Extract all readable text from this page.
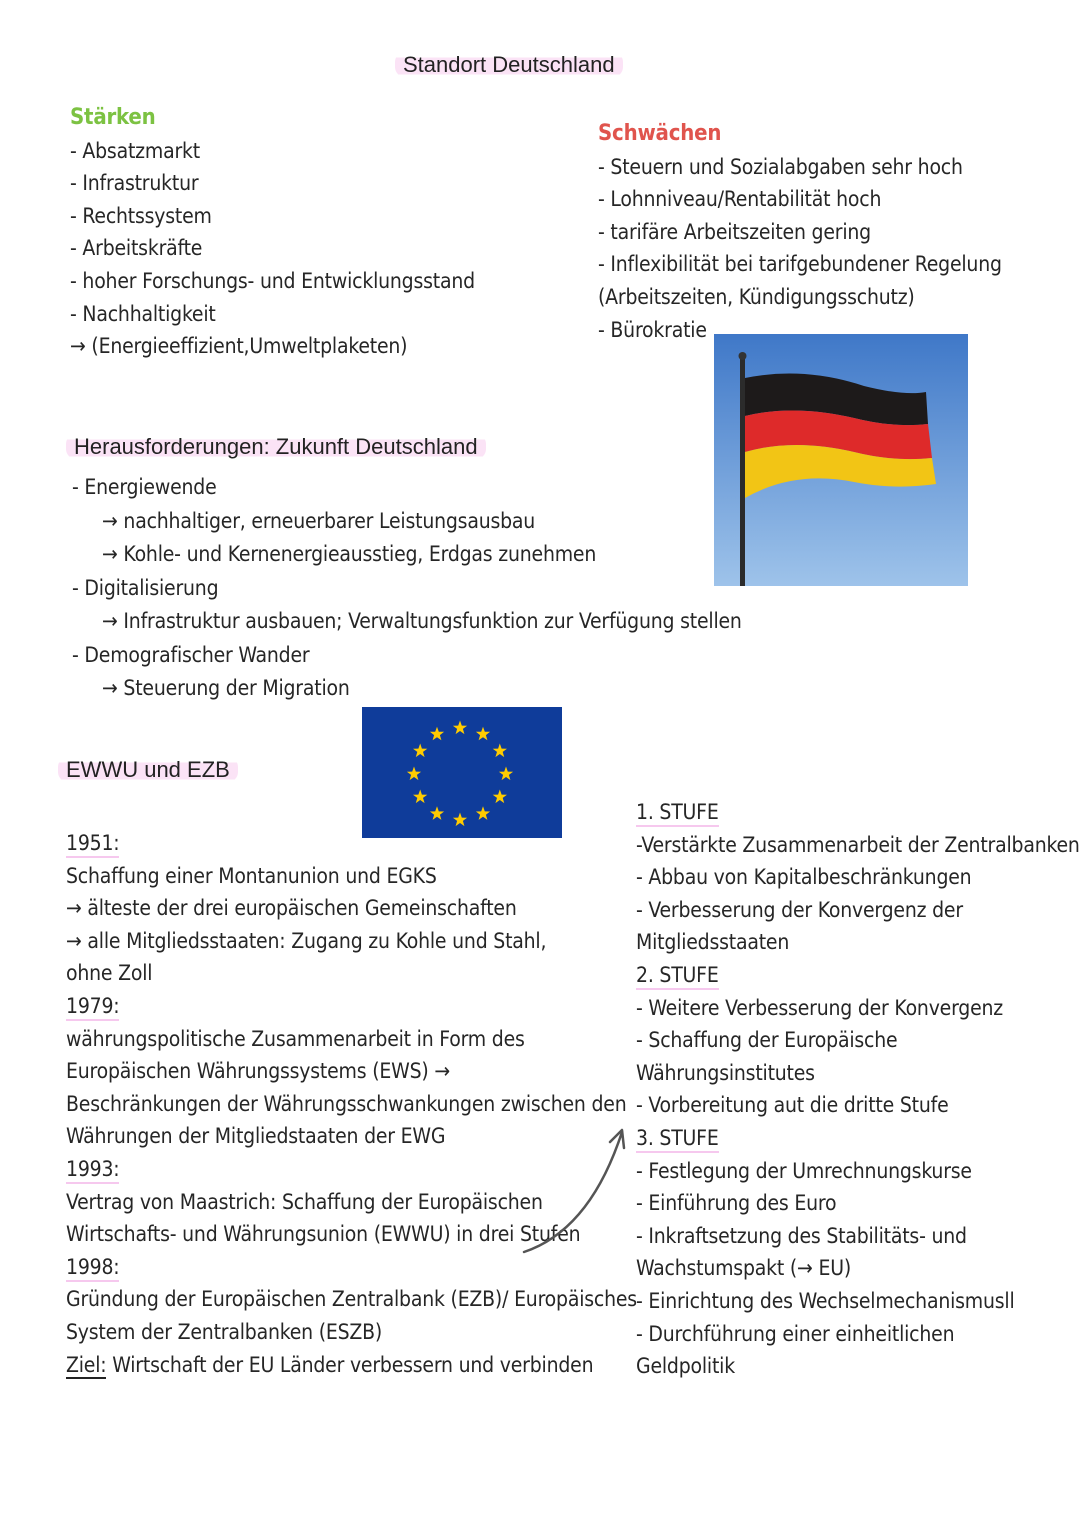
Standort Deutschland
Stärken
- Absatzmarkt
- Infrastruktur
- Rechtssystem
- Arbeitskräfte
- hoher Forschungs- und Entwicklungsstand
- Nachhaltigkeit
→ (Energieeffizient,Umweltplaketen)
Schwächen
- Steuern und Sozialabgaben sehr hoch
- Lohnniveau/Rentabilität hoch
- tarifäre Arbeitszeiten gering
- Inflexibilität bei tarifgebundener Regelung
(Arbeitszeiten, Kündigungsschutz)
- Bürokratie
Herausforderungen: Zukunft Deutschland
- Energiewende
→ nachhaltiger, erneuerbarer Leistungsausbau
→ Kohle- und Kernenergieausstieg, Erdgas zunehmen
- Digitalisierung
→ Infrastruktur ausbauen; Verwaltungsfunktion zur Verfügung stellen
- Demografischer Wander
→ Steuerung der Migration
EWWU und EZB
1951:
Schaffung einer Montanunion und EGKS
→ älteste der drei europäischen Gemeinschaften
→ alle Mitgliedsstaaten: Zugang zu Kohle und Stahl,
ohne Zoll
1979:
währungspolitische Zusammenarbeit in Form des
Europäischen Währungssystems (EWS) →
Beschränkungen der Währungsschwankungen zwischen den
Währungen der Mitgliedstaaten der EWG
1993:
Vertrag von Maastrich: Schaffung der Europäischen
Wirtschafts- und Währungsunion (EWWU) in drei Stufen
1998:
Gründung der Europäischen Zentralbank (EZB)/ Europäisches
System der Zentralbanken (ESZB)
Ziel: Wirtschaft der EU Länder verbessern und verbinden
1. STUFE
-Verstärkte Zusammenarbeit der Zentralbanken
- Abbau von Kapitalbeschränkungen
- Verbesserung der Konvergenz der
Mitgliedsstaaten
2. STUFE
- Weitere Verbesserung der Konvergenz
- Schaffung der Europäische
Währungsinstitutes
- Vorbereitung aut die dritte Stufe
3. STUFE
- Festlegung der Umrechnungskurse
- Einführung des Euro
- Inkraftsetzung des Stabilitäts- und
Wachstumspakt (→ EU)
- Einrichtung des Wechselmechanismusll
- Durchführung einer einheitlichen
Geldpolitik
